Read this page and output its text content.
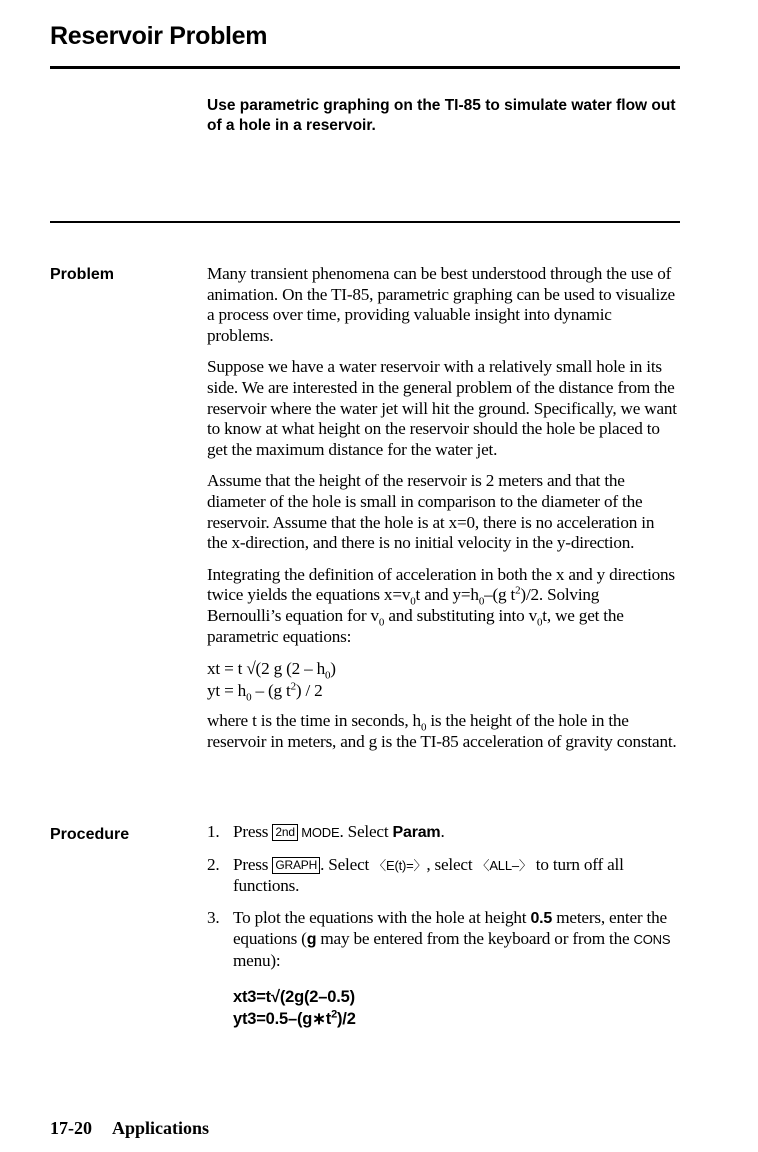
Reservoir Problem

Use parametric graphing on the TI-85 to simulate water flow out of a hole in a reservoir.

Problem	Many transient phenomena can be best understood through the use of animation. On the TI-85, parametric graphing can be used to visualize a process over time, providing valuable insight into dynamic problems.

Suppose we have a water reservoir with a relatively small hole in its side. We are interested in the general problem of the distance from the reservoir where the water jet will hit the ground. Specifically, we want to know at what height on the reservoir should the hole be placed to get the maximum distance for the water jet.

Assume that the height of the reservoir is 2 meters and that the diameter of the hole is small in comparison to the diameter of the reservoir. Assume that the hole is at x=0, there is no acceleration in the x-direction, and there is no initial velocity in the y-direction.

Integrating the definition of acceleration in both the x and y directions twice yields the equations $x=v_0t$ and $y=h_0-(g$ $t^2)/2$. Solving Bernoulli’s equation for $v_0$ and substituting into $v_0t$, we get the parametric equations:

xt = t √(2 g $(2 - h_0)$
yt = $h_0 - (g$ $t^2) / 2$

where t is the time in seconds, $h_0$ is the height of the hole in the reservoir in meters, and g is the TI-85 acceleration of gravity constant.

Procedure	1. Press 2nd MODE. Select Param.
2. Press GRAPH . Select 〈E(t)=〉, select 〈ALL–〉 to turn off all functions.
3. To plot the equations with the hole at height 0.5 meters, enter the equations (g may be entered from the keyboard or from the CONS menu):
xt3=t√(2g(2–0.5)
$yt3=0.5-(g∗t^2)/2$

17-20 Applications
